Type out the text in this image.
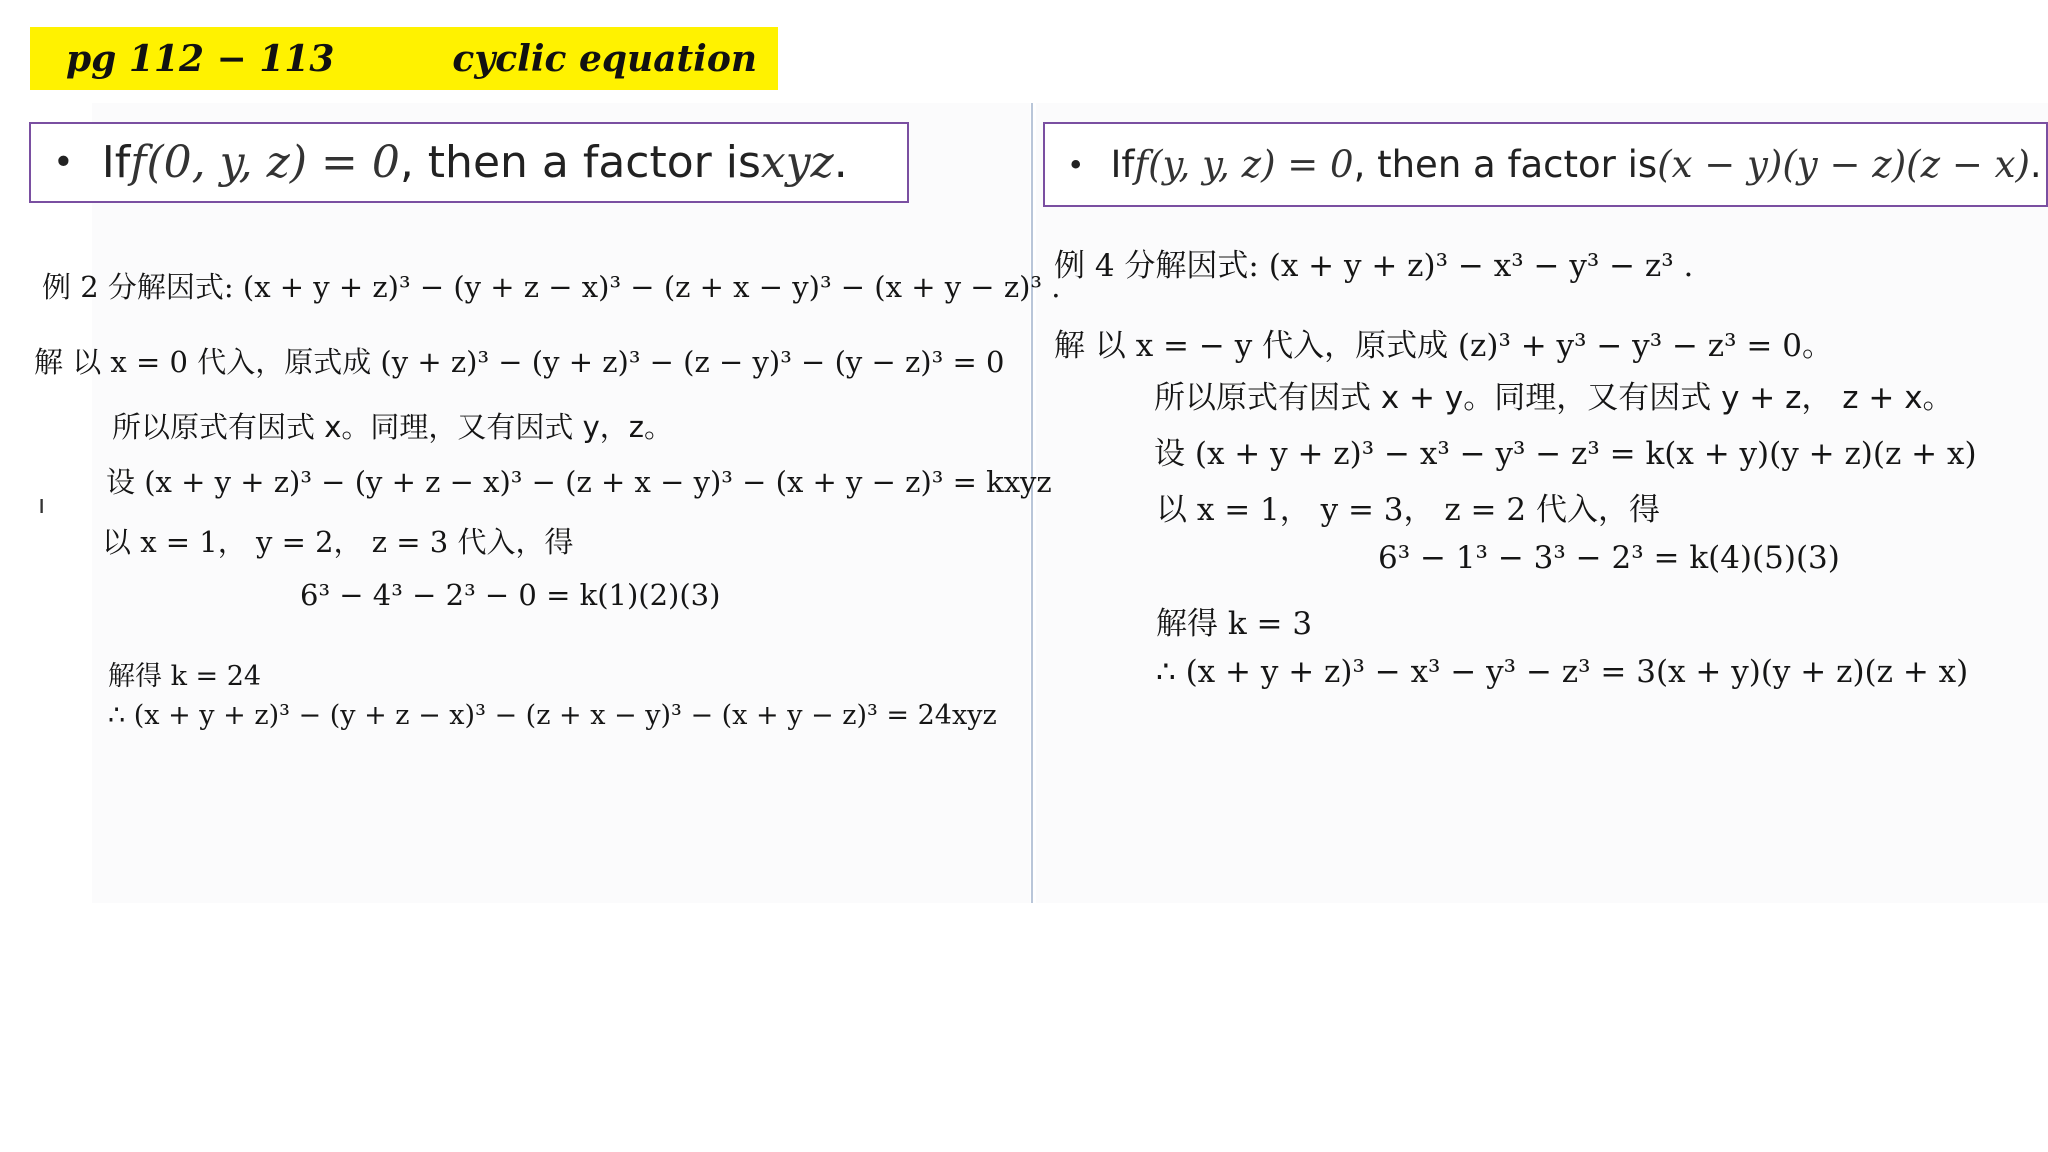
pg 112 − 113	cyclic equation
• If f(0, y, z) = 0 , then a factor is xyz .	• If f(y, y, z) = 0 , then a factor is (x − y)(y − z)(z − x) .
例 2 分解因式: (x + y + z)³ − (y + z − x)³ − (z + x − y)³ − (x + y − z)³ .
解 以 x = 0 代入，原式成 (y + z)³ − (y + z)³ − (z − y)³ − (y − z)³ = 0
所以原式有因式 x。同理，又有因式 y，z。
设 (x + y + z)³ − (y + z − x)³ − (z + x − y)³ − (x + y − z)³ = kxyz
ı
以 x = 1， y = 2， z = 3 代入，得
6³ − 4³ − 2³ − 0 = k(1)(2)(3)
解得 k = 24
∴ (x + y + z)³ − (y + z − x)³ − (z + x − y)³ − (x + y − z)³ = 24xyz
例 4 分解因式: (x + y + z)³ − x³ − y³ − z³ .
解 以 x = − y 代入，原式成 (z)³ + y³ − y³ − z³ = 0。
所以原式有因式 x + y。同理，又有因式 y + z， z + x。
设 (x + y + z)³ − x³ − y³ − z³ = k(x + y)(y + z)(z + x)
以 x = 1， y = 3， z = 2 代入，得
6³ − 1³ − 3³ − 2³ = k(4)(5)(3)
解得 k = 3
∴ (x + y + z)³ − x³ − y³ − z³ = 3(x + y)(y + z)(z + x)
